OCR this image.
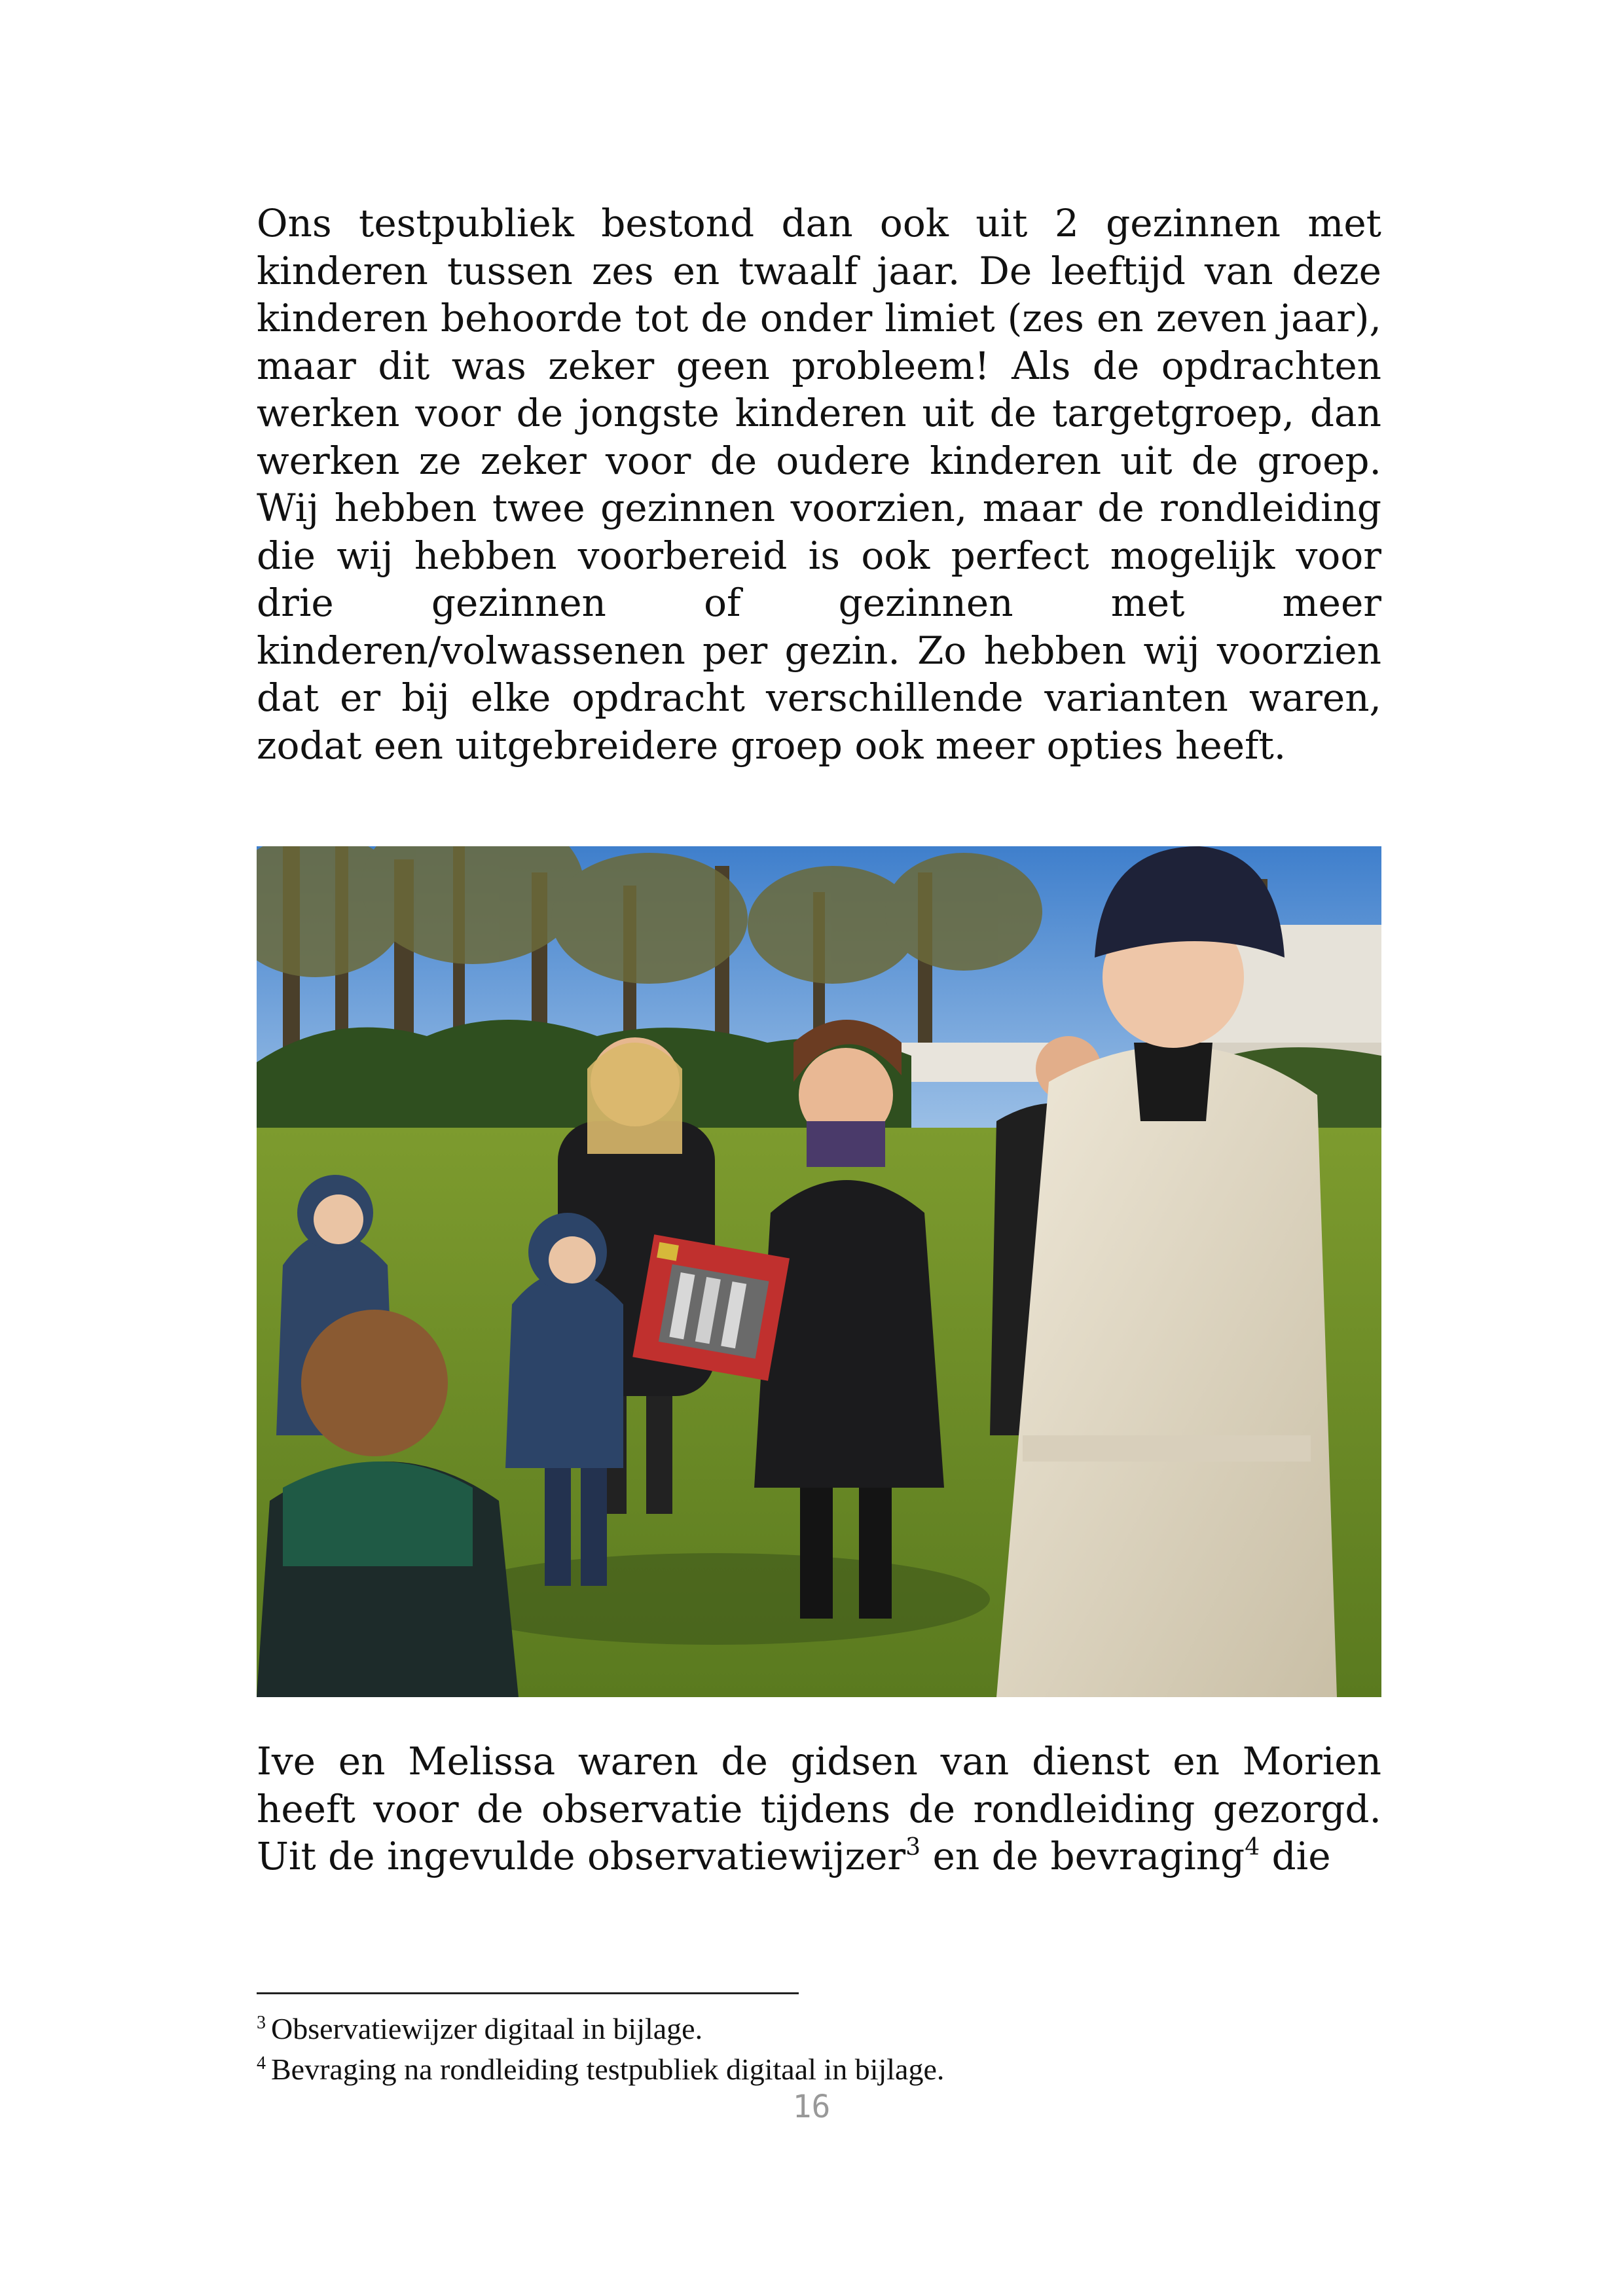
Ons testpubliek bestond dan ook uit 2 gezinnen met kinderen tussen zes en twaalf jaar. De leeftijd van deze kinderen behoorde tot de onder limiet (zes en zeven jaar), maar dit was zeker geen probleem! Als de opdrachten werken voor de jongste kinderen uit de targetgroep, dan werken ze zeker voor de oudere kinderen uit de groep. Wij hebben twee gezinnen voorzien, maar de rondleiding die wij hebben voorbereid is ook perfect mogelijk voor drie gezinnen of gezinnen met meer kinderen/volwassenen per gezin. Zo hebben wij voorzien dat er bij elke opdracht verschillende varianten waren, zodat een uitgebreidere groep ook meer opties heeft.

Ive en Melissa waren de gidsen van dienst en Morien heeft voor de observatie tijdens de rondleiding gezorgd. Uit de ingevulde observatiewijzer$^3$ en de bevraging$^4$ die

$^3$ Observatiewijzer digitaal in bijlage.
$^4$ Bevraging na rondleiding testpubliek digitaal in bijlage.
16
